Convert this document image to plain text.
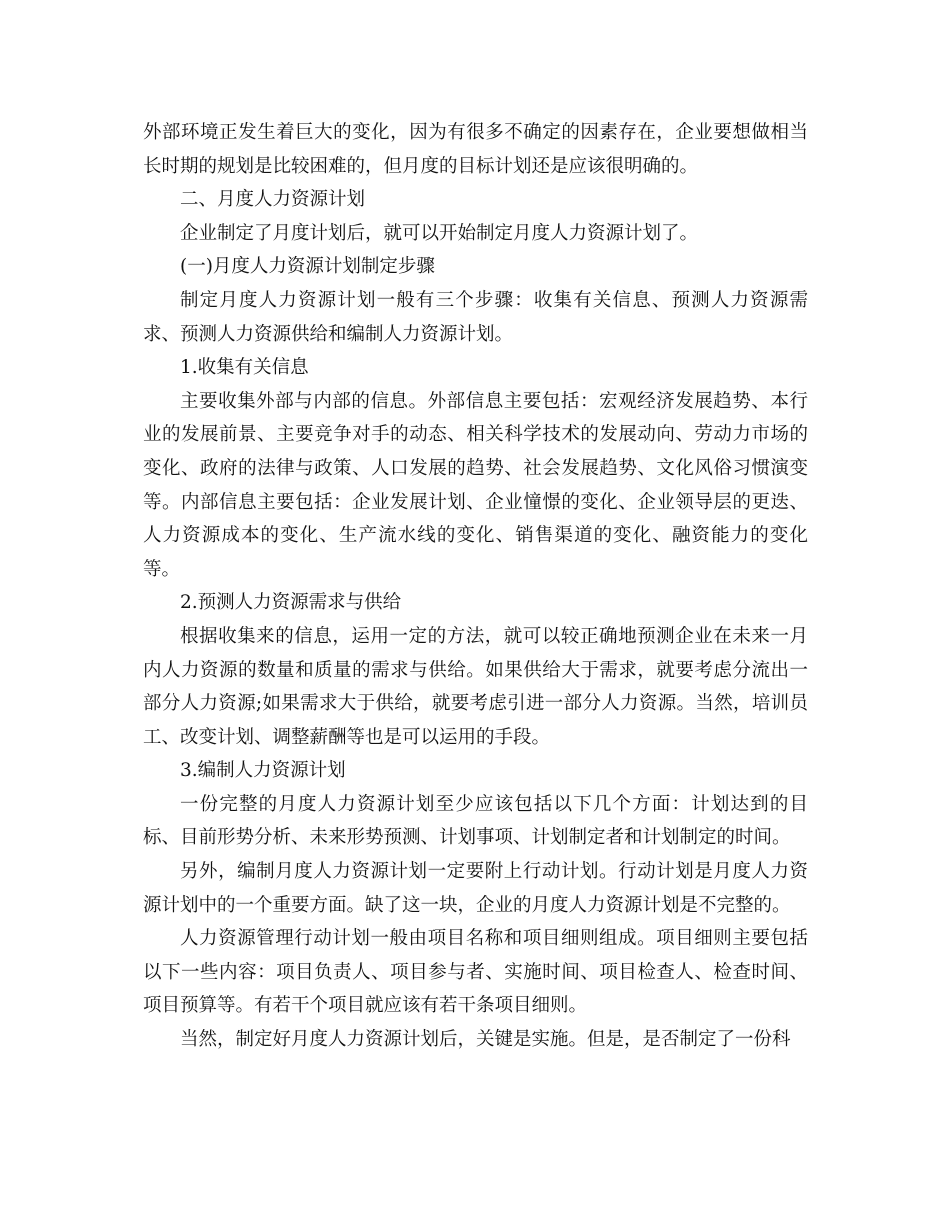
外部环境正发生着巨大的变化，因为有很多不确定的因素存在，企业要想做相当长时期的规划是比较困难的，但月度的目标计划还是应该很明确的。

二、月度人力资源计划

企业制定了月度计划后，就可以开始制定月度人力资源计划了。

(一)月度人力资源计划制定步骤

制定月度人力资源计划一般有三个步骤：收集有关信息、预测人力资源需求、预测人力资源供给和编制人力资源计划。

1.收集有关信息

主要收集外部与内部的信息。外部信息主要包括：宏观经济发展趋势、本行业的发展前景、主要竞争对手的动态、相关科学技术的发展动向、劳动力市场的变化、政府的法律与政策、人口发展的趋势、社会发展趋势、文化风俗习惯演变等。内部信息主要包括：企业发展计划、企业憧憬的变化、企业领导层的更迭、人力资源成本的变化、生产流水线的变化、销售渠道的变化、融资能力的变化等。

2.预测人力资源需求与供给

根据收集来的信息，运用一定的方法，就可以较正确地预测企业在未来一月内人力资源的数量和质量的需求与供给。如果供给大于需求，就要考虑分流出一部分人力资源;如果需求大于供给，就要考虑引进一部分人力资源。当然，培训员工、改变计划、调整薪酬等也是可以运用的手段。

3.编制人力资源计划

一份完整的月度人力资源计划至少应该包括以下几个方面：计划达到的目标、目前形势分析、未来形势预测、计划事项、计划制定者和计划制定的时间。

另外，编制月度人力资源计划一定要附上行动计划。行动计划是月度人力资源计划中的一个重要方面。缺了这一块，企业的月度人力资源计划是不完整的。

人力资源管理行动计划一般由项目名称和项目细则组成。项目细则主要包括以下一些内容：项目负责人、项目参与者、实施时间、项目检查人、检查时间、项目预算等。有若干个项目就应该有若干条项目细则。

当然，制定好月度人力资源计划后，关键是实施。但是，是否制定了一份科
